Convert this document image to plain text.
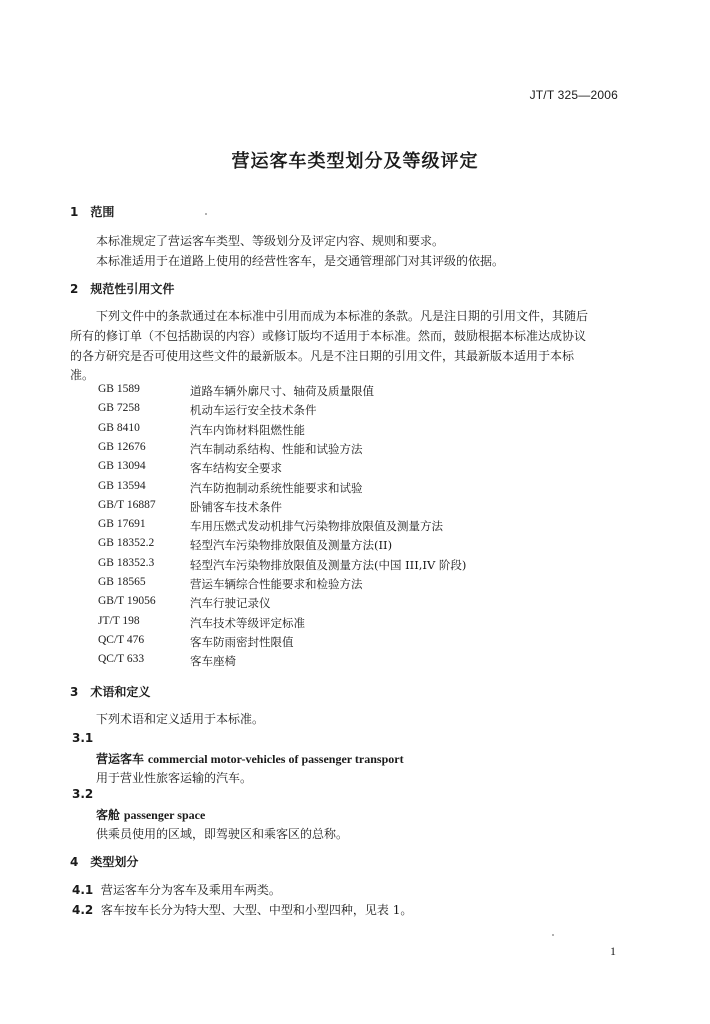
JT/T 325—2006
营运客车类型划分及等级评定
1　范围
本标准规定了营运客车类型、等级划分及评定内容、规则和要求。
本标准适用于在道路上使用的经营性客车，是交通管理部门对其评级的依据。
2　规范性引用文件
下列文件中的条款通过在本标准中引用而成为本标准的条款。凡是注日期的引用文件，其随后
所有的修订单（不包括勘误的内容）或修订版均不适用于本标准。然而，鼓励根据本标准达成协议
的各方研究是否可使用这些文件的最新版本。凡是不注日期的引用文件，其最新版本适用于本标
准。
GB 1589	道路车辆外廓尺寸、轴荷及质量限值
GB 7258	机动车运行安全技术条件
GB 8410	汽车内饰材料阻燃性能
GB 12676	汽车制动系结构、性能和试验方法
GB 13094	客车结构安全要求
GB 13594	汽车防抱制动系统性能要求和试验
GB/T 16887	卧铺客车技术条件
GB 17691	车用压燃式发动机排气污染物排放限值及测量方法
GB 18352.2	轻型汽车污染物排放限值及测量方法(II)
GB 18352.3	轻型汽车污染物排放限值及测量方法(中国 III,IV 阶段)
GB 18565	营运车辆综合性能要求和检验方法
GB/T 19056	汽车行驶记录仪
JT/T 198	汽车技术等级评定标准
QC/T 476	客车防雨密封性限值
QC/T 633	客车座椅
3　术语和定义
下列术语和定义适用于本标准。
3.1
营运客车 commercial motor-vehicles of passenger transport
用于营业性旅客运输的汽车。
3.2
客舱 passenger space
供乘员使用的区域，即驾驶区和乘客区的总称。
4　类型划分
4.1 营运客车分为客车及乘用车两类。
4.2 客车按车长分为特大型、大型、中型和小型四种，见表 1。
1
